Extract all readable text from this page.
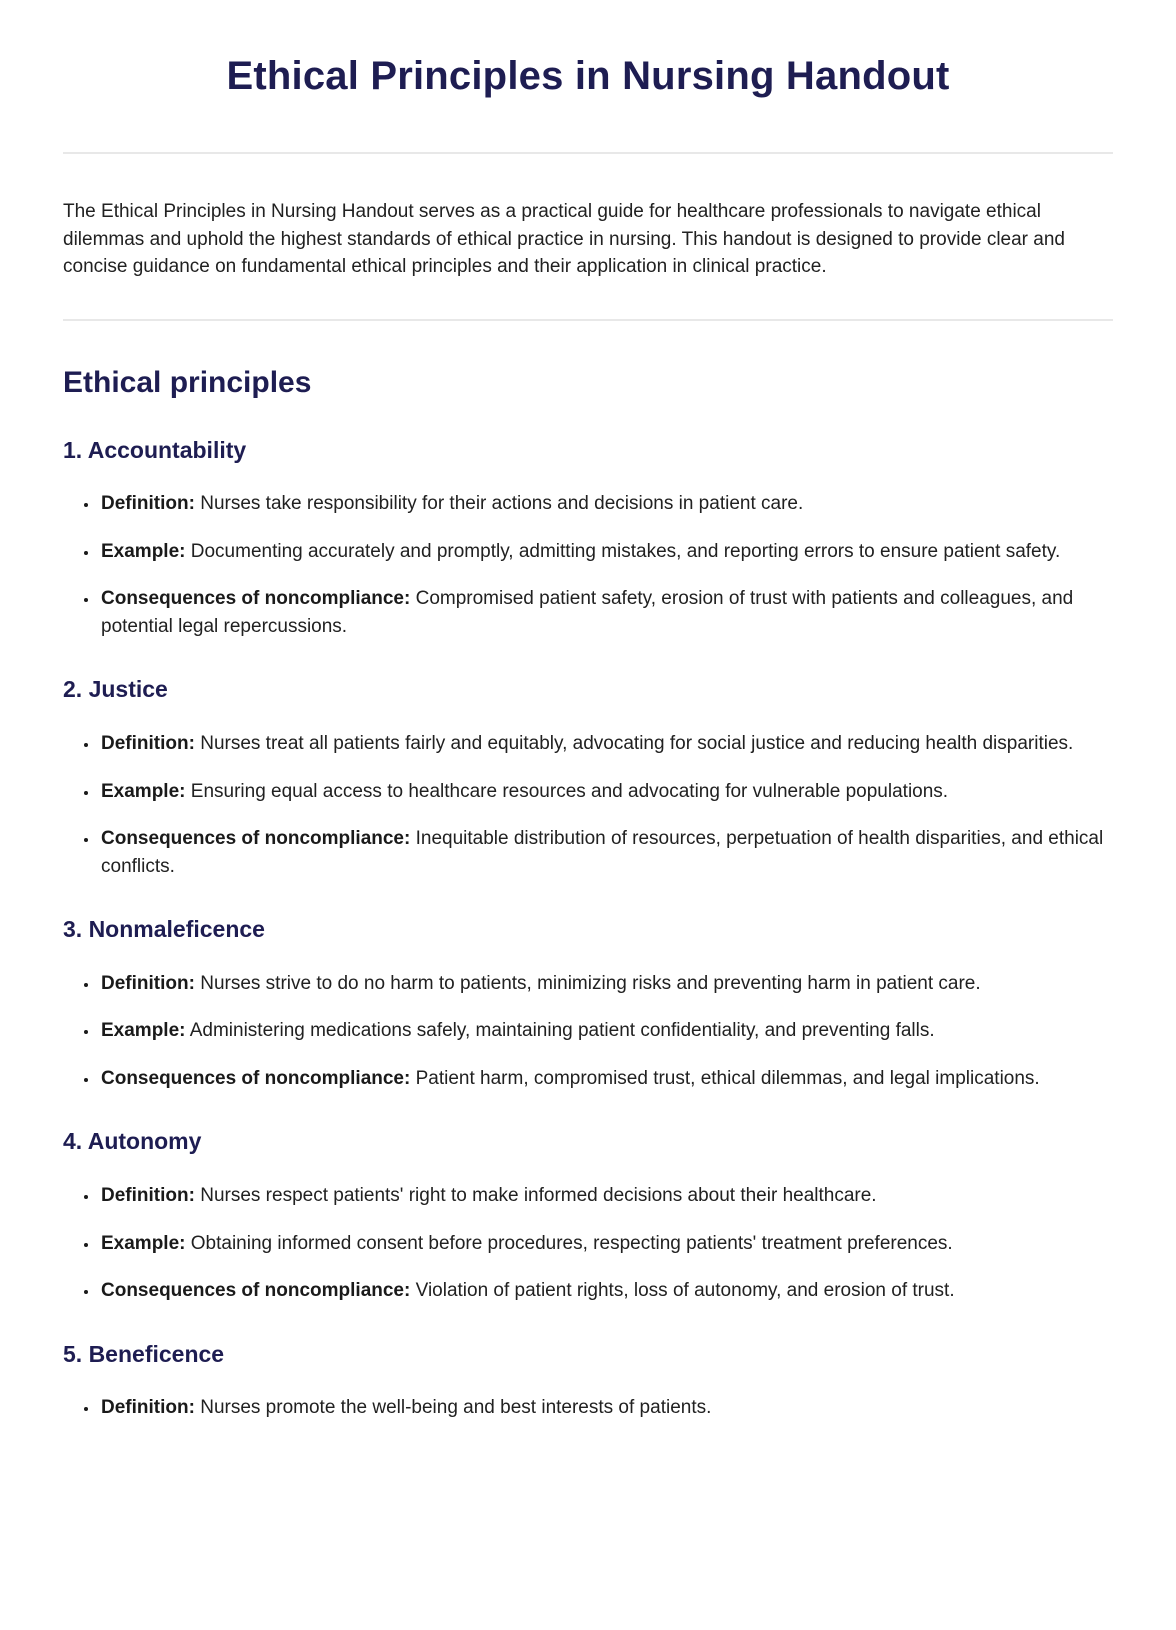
Ethical Principles in Nursing Handout

The Ethical Principles in Nursing Handout serves as a practical guide for healthcare professionals to navigate ethical dilemmas and uphold the highest standards of ethical practice in nursing. This handout is designed to provide clear and concise guidance on fundamental ethical principles and their application in clinical practice.

Ethical principles
1. Accountability
• Definition: Nurses take responsibility for their actions and decisions in patient care.
• Example: Documenting accurately and promptly, admitting mistakes, and reporting errors to ensure patient safety.
• Consequences of noncompliance: Compromised patient safety, erosion of trust with patients and colleagues, and potential legal repercussions.
2. Justice
• Definition: Nurses treat all patients fairly and equitably, advocating for social justice and reducing health disparities.
• Example: Ensuring equal access to healthcare resources and advocating for vulnerable populations.
• Consequences of noncompliance: Inequitable distribution of resources, perpetuation of health disparities, and ethical conflicts.
3. Nonmaleficence
• Definition: Nurses strive to do no harm to patients, minimizing risks and preventing harm in patient care.
• Example: Administering medications safely, maintaining patient confidentiality, and preventing falls.
• Consequences of noncompliance: Patient harm, compromised trust, ethical dilemmas, and legal implications.
4. Autonomy
• Definition: Nurses respect patients' right to make informed decisions about their healthcare.
• Example: Obtaining informed consent before procedures, respecting patients' treatment preferences.
• Consequences of noncompliance: Violation of patient rights, loss of autonomy, and erosion of trust.
5. Beneficence
• Definition: Nurses promote the well-being and best interests of patients.
